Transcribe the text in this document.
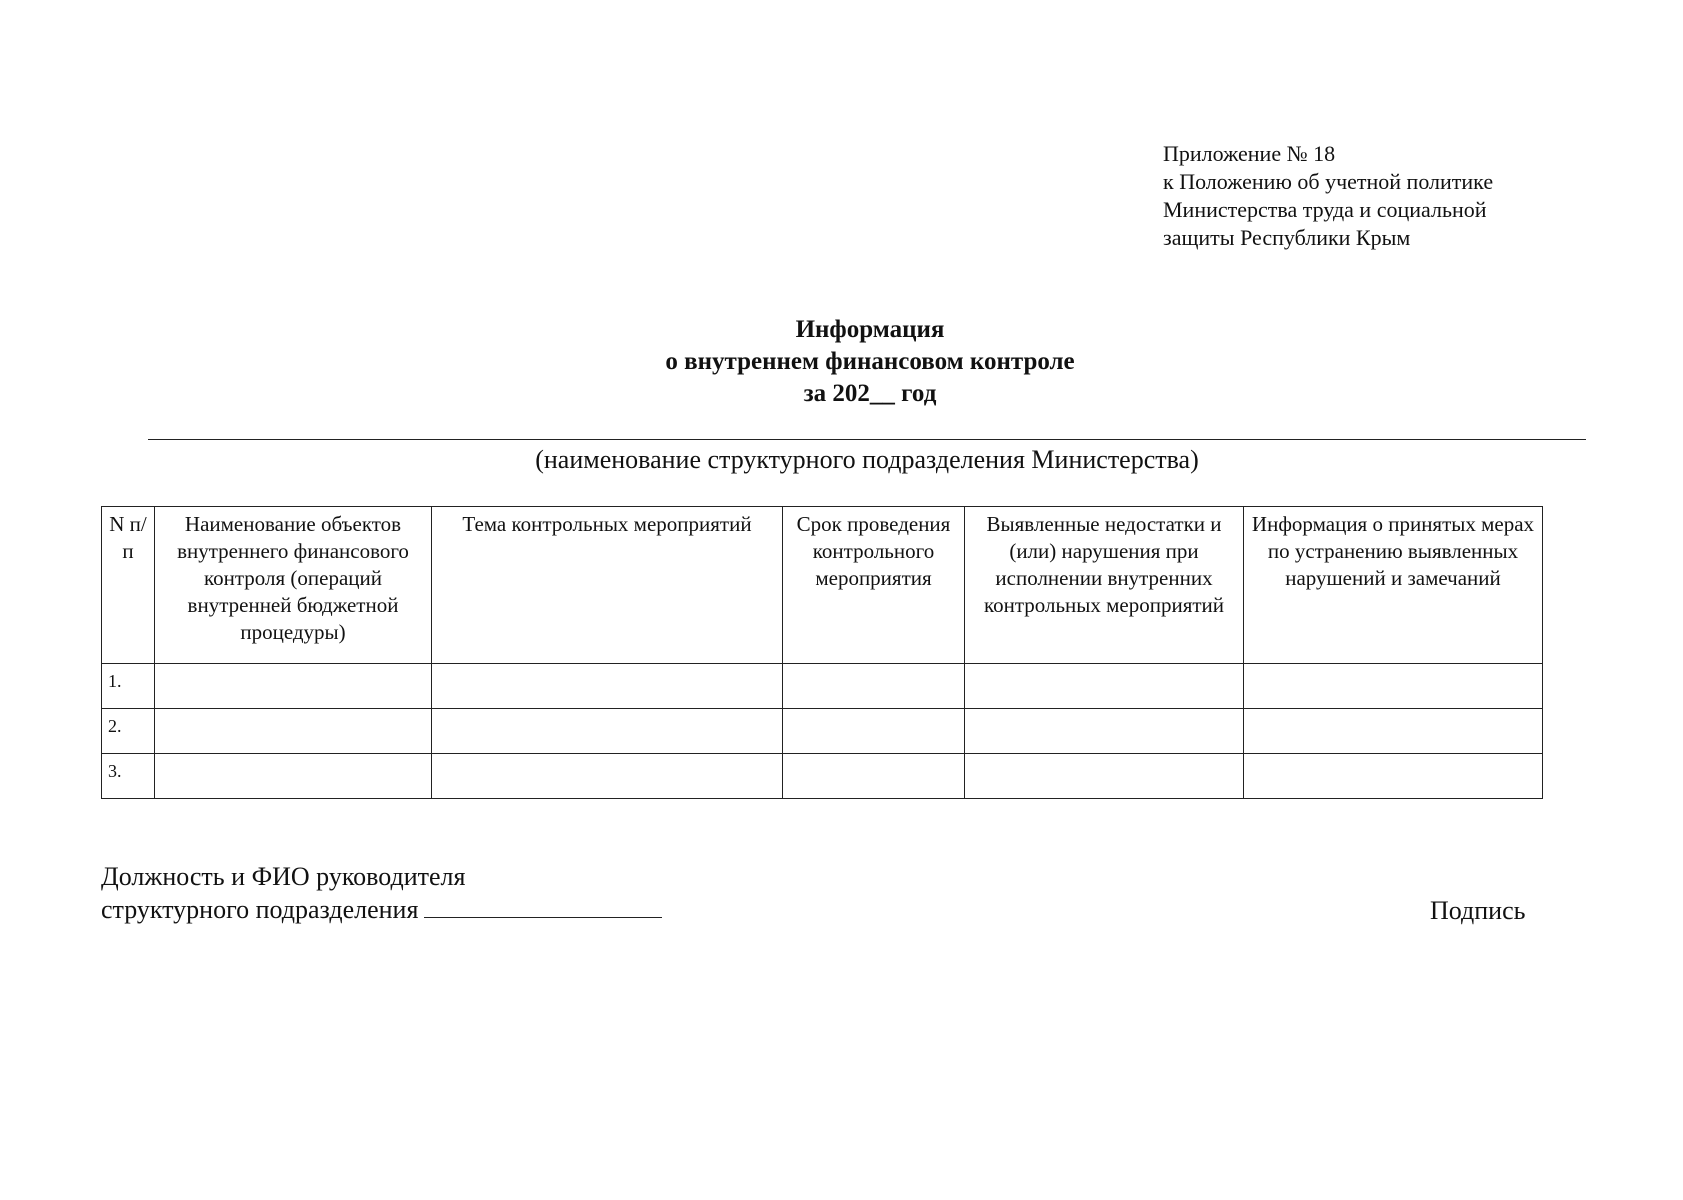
Приложение № 18
к Положению об учетной политике
Министерства труда и социальной
защиты Республики Крым
Информация
о внутреннем финансовом контроле
за 202__ год
(наименование структурного подразделения Министерства)
N п/п	Наименование объектов внутреннего финансового контроля (операций внутренней бюджетной процедуры)	Тема контрольных мероприятий	Срок проведения контрольного мероприятия	Выявленные недостатки и (или) нарушения при исполнении внутренних контрольных мероприятий	Информация о принятых мерах по устранению выявленных нарушений и замечаний
1.					
2.					
3.					
Должность и ФИО руководителя
структурного подразделения	Подпись
